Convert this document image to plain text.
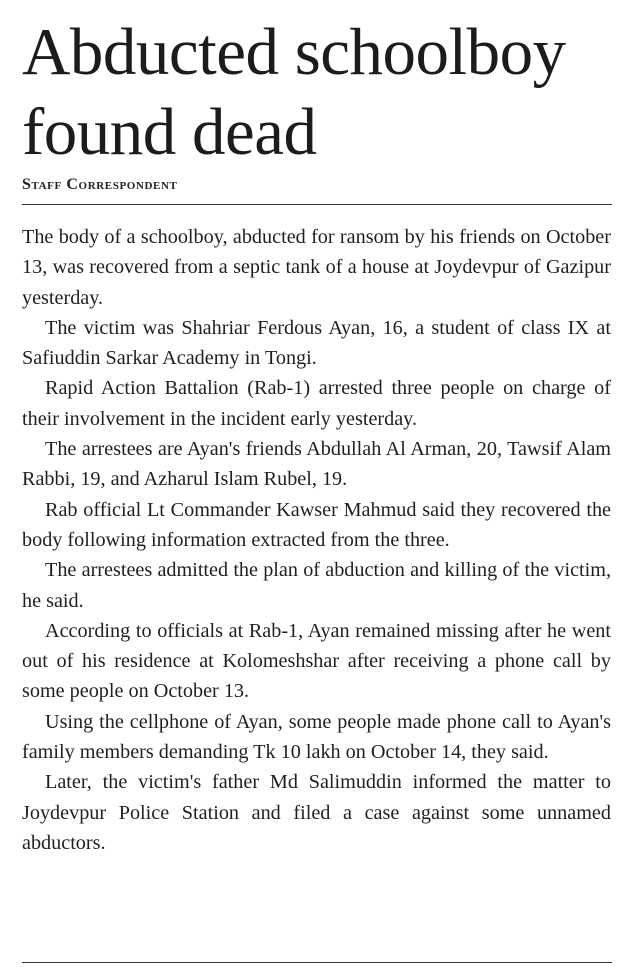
Abducted schoolboy
found dead
Staff Correspondent

The body of a schoolboy, abducted for ransom by his friends on October 13, was recovered from a septic tank of a house at Joydevpur of Gazipur yesterday.

The victim was Shahriar Ferdous Ayan, 16, a student of class IX at Safiuddin Sarkar Academy in Tongi.

Rapid Action Battalion (Rab-1) arrested three people on charge of their involvement in the incident early yesterday.

The arrestees are Ayan's friends Abdullah Al Arman, 20, Tawsif Alam Rabbi, 19, and Azharul Islam Rubel, 19.

Rab official Lt Commander Kawser Mahmud said they recovered the body following information extracted from the three.

The arrestees admitted the plan of abduction and killing of the victim, he said.

According to officials at Rab-1, Ayan remained missing after he went out of his residence at Kolomeshshar after receiving a phone call by some people on October 13.

Using the cellphone of Ayan, some people made phone call to Ayan's family members demanding Tk 10 lakh on October 14, they said.

Later, the victim's father Md Salimuddin informed the matter to Joydevpur Police Station and filed a case against some unnamed abductors.
